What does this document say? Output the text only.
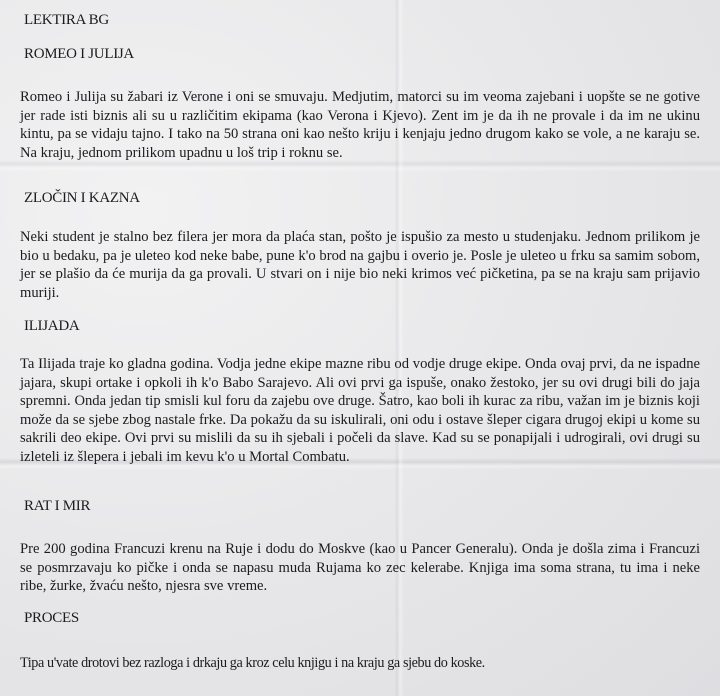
LEKTIRA BG
ROMEO I JULIJA

Romeo i Julija su žabari iz Verone i oni se smuvaju. Medjutim, matorci su im veoma zajebani i uopšte se ne gotive jer rade isti biznis ali su u različitim ekipama (kao Verona i Kjevo). Zent im je da ih ne provale i da im ne ukinu kintu, pa se vidaju tajno. I tako na 50 strana oni kao nešto kriju i kenjaju jedno drugom kako se vole, a ne karaju se. Na kraju, jednom prilikom upadnu u loš trip i roknu se.

ZLOČIN I KAZNA

Neki student je stalno bez filera jer mora da plaća stan, pošto je ispušio za mesto u studenjaku. Jednom prilikom je bio u bedaku, pa je uleteo kod neke babe, pune k'o brod na gajbu i overio je. Posle je uleteo u frku sa samim sobom, jer se plašio da će murija da ga provali. U stvari on i nije bio neki krimos već pičketina, pa se na kraju sam prijavio muriji.

ILIJADA

Ta Ilijada traje ko gladna godina. Vodja jedne ekipe mazne ribu od vodje druge ekipe. Onda ovaj prvi, da ne ispadne jajara, skupi ortake i opkoli ih k'o Babo Sarajevo. Ali ovi prvi ga ispuše, onako žestoko, jer su ovi drugi bili do jaja spremni. Onda jedan tip smisli kul foru da zajebu ove druge. Šatro, kao boli ih kurac za ribu, važan im je biznis koji može da se sjebe zbog nastale frke. Da pokažu da su iskulirali, oni odu i ostave šleper cigara drugoj ekipi u kome su sakrili deo ekipe. Ovi prvi su mislili da su ih sjebali i počeli da slave. Kad su se ponapijali i udrogirali, ovi drugi su izleteli iz šlepera i jebali im kevu k'o u Mortal Combatu.

RAT I MIR

Pre 200 godina Francuzi krenu na Ruje i dodu do Moskve (kao u Pancer Generalu). Onda je došla zima i Francuzi se posmrzavaju ko pičke i onda se napasu muda Rujama ko zec kelerabe. Knjiga ima soma strana, tu ima i neke ribe, žurke, žvaću nešto, njesra sve vreme.

PROCES

Tipa u'vate drotovi bez razloga i drkaju ga kroz celu knjigu i na kraju ga sjebu do koske.
